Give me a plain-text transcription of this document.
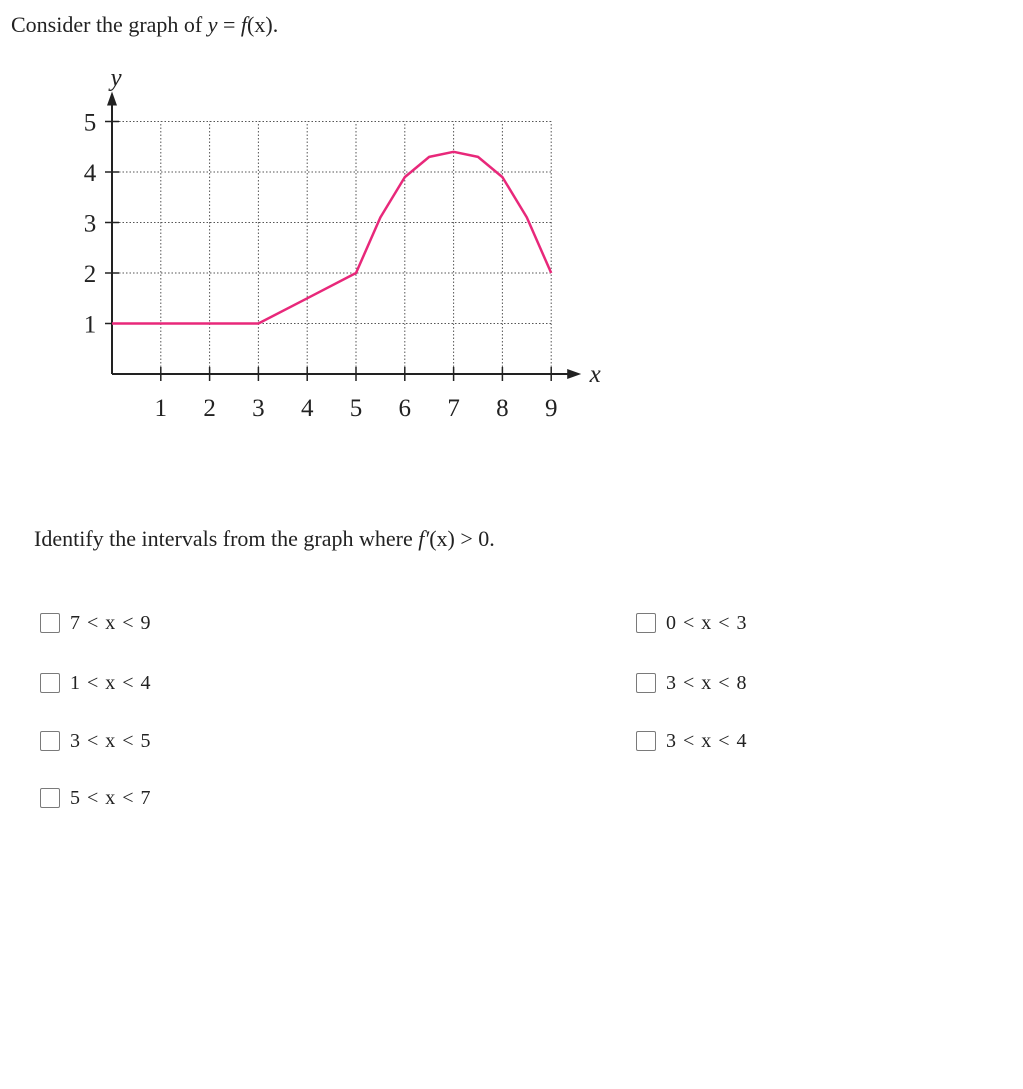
Consider the graph of y = f(x).
1 2 3 4 5 6 7 8 9
1
2
3
4
5
x
y
Identify the intervals from the graph where f′(x) > 0.
7 < x < 9
1 < x < 4
3 < x < 5
5 < x < 7
0 < x < 3
3 < x < 8
3 < x < 4
